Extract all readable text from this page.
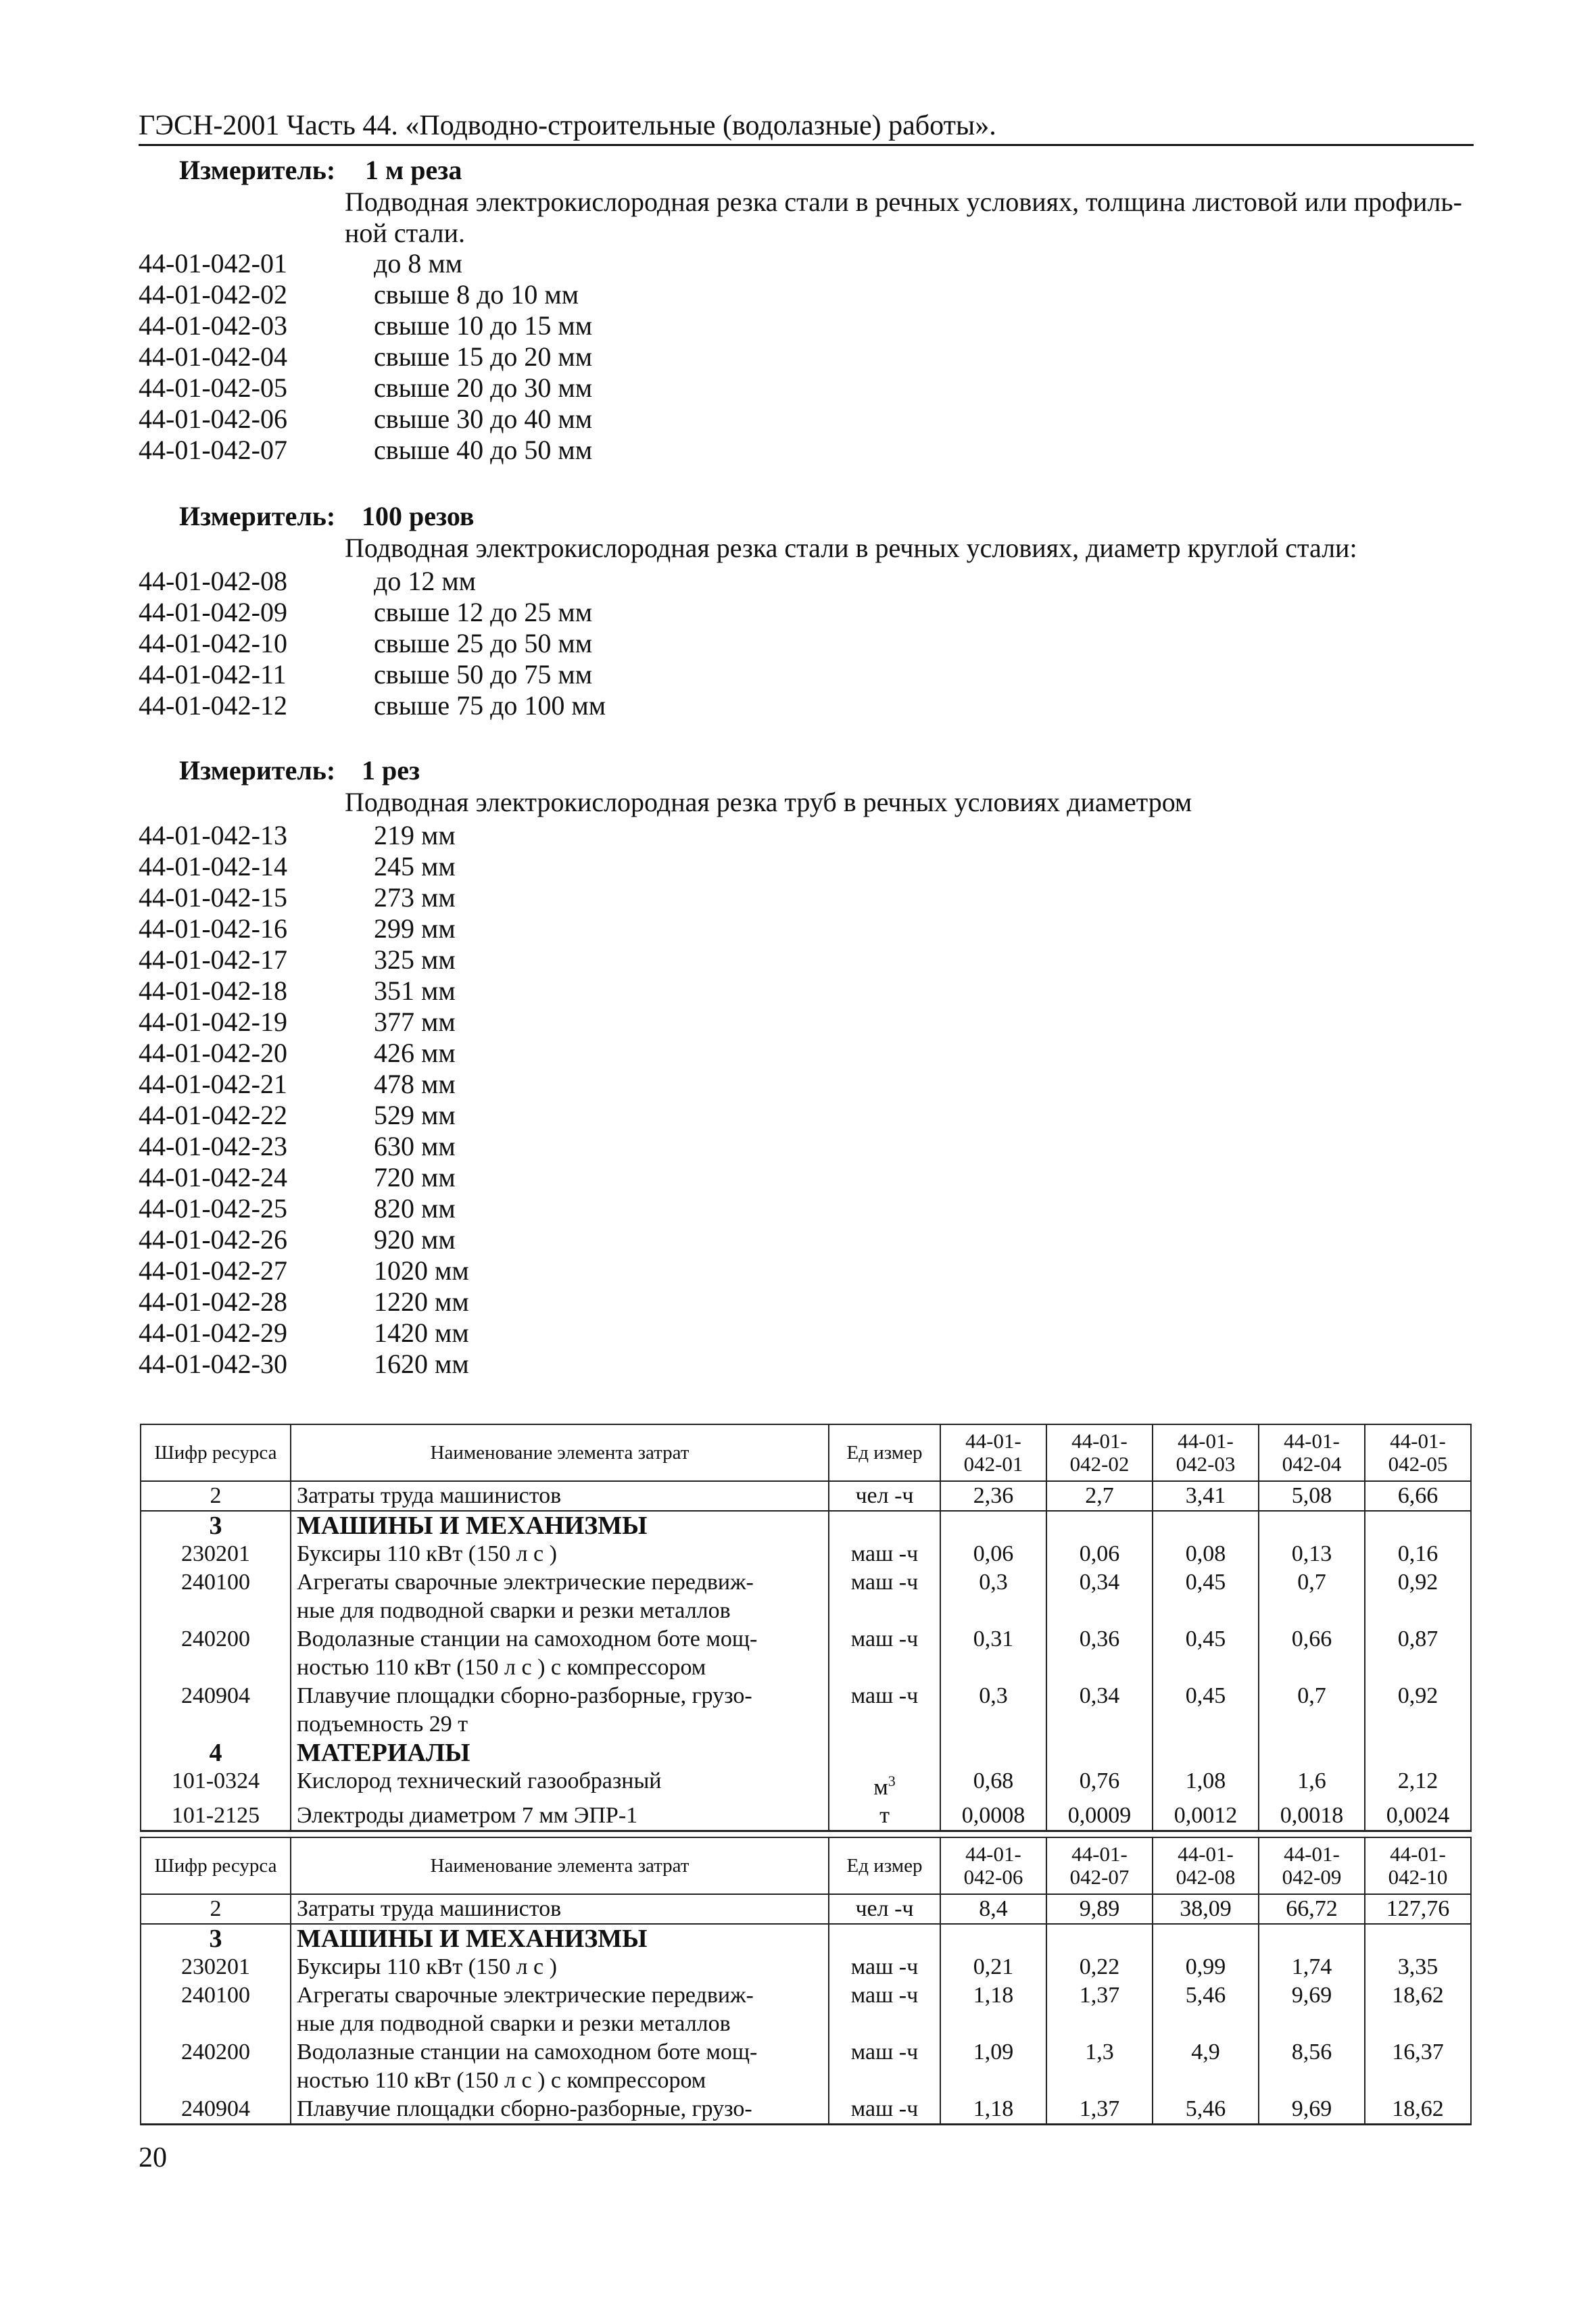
ГЭСН-2001 Часть 44. «Подводно-строительные (водолазные) работы».
Измеритель: 1 м реза
Подводная электрокислородная резка стали в речных условиях, толщина листовой или профиль-
ной стали.
44-01-042-01	до 8 мм
44-01-042-02	свыше 8 до 10 мм
44-01-042-03	свыше 10 до 15 мм
44-01-042-04	свыше 15 до 20 мм
44-01-042-05	свыше 20 до 30 мм
44-01-042-06	свыше 30 до 40 мм
44-01-042-07	свыше 40 до 50 мм
Измеритель: 100 резов
Подводная электрокислородная резка стали в речных условиях, диаметр круглой стали:
44-01-042-08	до 12 мм
44-01-042-09	свыше 12 до 25 мм
44-01-042-10	свыше 25 до 50 мм
44-01-042-11	свыше 50 до 75 мм
44-01-042-12	свыше 75 до 100 мм
Измеритель: 1 рез
Подводная электрокислородная резка труб в речных условиях диаметром
44-01-042-13	219 мм
44-01-042-14	245 мм
44-01-042-15	273 мм
44-01-042-16	299 мм
44-01-042-17	325 мм
44-01-042-18	351 мм
44-01-042-19	377 мм
44-01-042-20	426 мм
44-01-042-21	478 мм
44-01-042-22	529 мм
44-01-042-23	630 мм
44-01-042-24	720 мм
44-01-042-25	820 мм
44-01-042-26	920 мм
44-01-042-27	1020 мм
44-01-042-28	1220 мм
44-01-042-29	1420 мм
44-01-042-30	1620 мм
Шифр ресурса	Наименование элемента затрат	Ед измер	44-01-042-01	44-01-042-02	44-01-042-03	44-01-042-04	44-01-042-05
2	Затраты труда машинистов	чел -ч	2,36	2,7	3,41	5,08	6,66
3	МАШИНЫ И МЕХАНИЗМЫ						
230201	Буксиры 110 кВт (150 л с )	маш -ч	0,06	0,06	0,08	0,13	0,16
240100	Агрегаты сварочные электрические передвиж-
ные для подводной сварки и резки металлов	маш -ч	0,3	0,34	0,45	0,7	0,92
240200	Водолазные станции на самоходном боте мощ-
ностью 110 кВт (150 л с ) с компрессором	маш -ч	0,31	0,36	0,45	0,66	0,87
240904	Плавучие площадки сборно-разборные, грузо-
подъемность 29 т	маш -ч	0,3	0,34	0,45	0,7	0,92
4	МАТЕРИАЛЫ						
101-0324	Кислород технический газообразный	$м^3$	0,68	0,76	1,08	1,6	2,12
101-2125	Электроды диаметром 7 мм ЭПР-1	т	0,0008	0,0009	0,0012	0,0018	0,0024
Шифр ресурса	Наименование элемента затрат	Ед измер	44-01-042-06	44-01-042-07	44-01-042-08	44-01-042-09	44-01-042-10
2	Затраты труда машинистов	чел -ч	8,4	9,89	38,09	66,72	127,76
3	МАШИНЫ И МЕХАНИЗМЫ						
230201	Буксиры 110 кВт (150 л с )	маш -ч	0,21	0,22	0,99	1,74	3,35
240100	Агрегаты сварочные электрические передвиж-
ные для подводной сварки и резки металлов	маш -ч	1,18	1,37	5,46	9,69	18,62
240200	Водолазные станции на самоходном боте мощ-
ностью 110 кВт (150 л с ) с компрессором	маш -ч	1,09	1,3	4,9	8,56	16,37
240904	Плавучие площадки сборно-разборные, грузо-	маш -ч	1,18	1,37	5,46	9,69	18,62
20
